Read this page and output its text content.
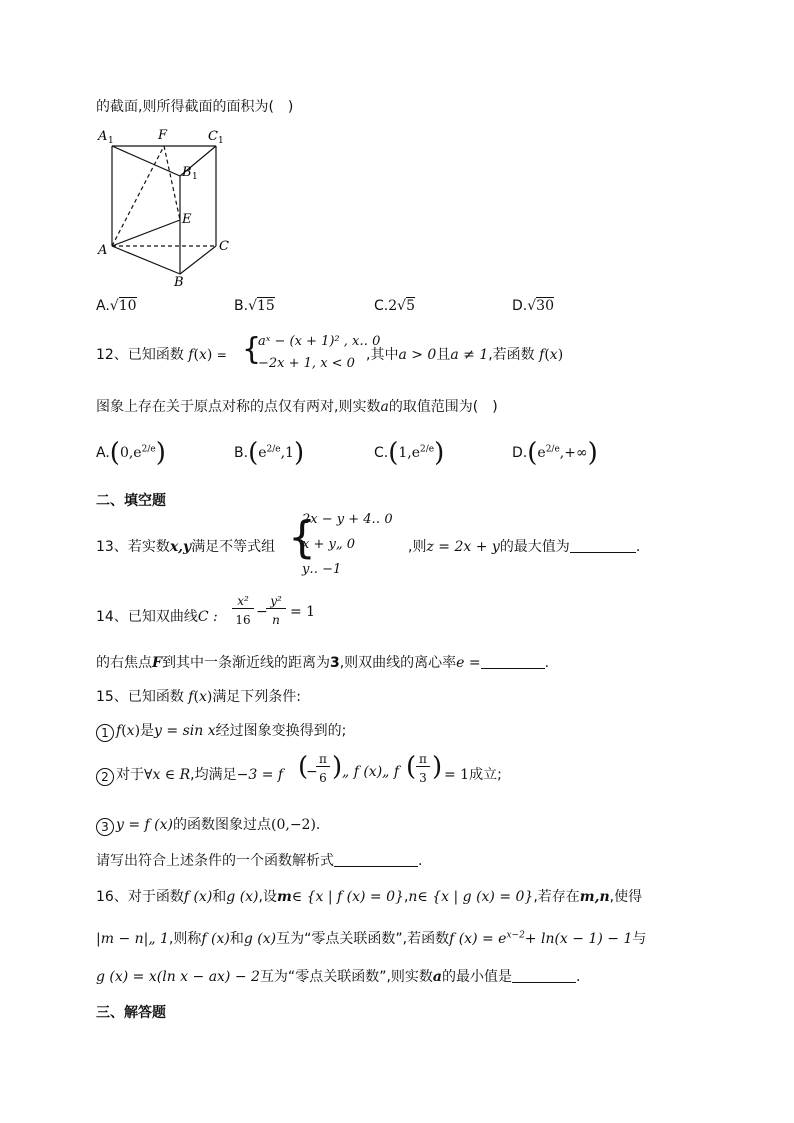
的截面,则所得截面的面积为( )
A 1	F	C 1
B 1
E
A	C
B
A.√10	B.√15	C.2√5	D.√30
12、已知函数 f(x) = {
aˣ − (x + 1)² , x‥ 0
−2x + 1, x < 0
,其中a > 0且a ≠ 1,若函数 f(x)
图象上存在关于原点对称的点仅有两对,则实数a的取值范围为( )
$A.(0,e^{2/e})$	$B.(e^{2/e},1)$	$C.(1,e^{2/e})$	$D.(e^{2/e},+\infty)$
二、填空题
13、若实数x,y满足不等式组 {
2x − y + 4‥ 0
x + y„ 0
y‥ −1
,则z = 2x + y的最大值为	.
14、已知双曲线C :
x²
16 −
y²
n = 1
的右焦点F到其中一条渐近线的距离为3,则双曲线的离心率e =	.
15、已知函数 f(x)满足下列条件:
1 f(x)是y = sin x经过图象变换得到的;
2 对于∀x ∈ R,均满足−3 = f (
−
π
6 ) „ f (x)„ f ( π
3 ) = 1成立;
3 y = f (x)的函数图象过点(0,−2).
请写出符合上述条件的一个函数解析式	.
16、对于函数f (x)和g (x),设m∈ {x | f (x) = 0},n∈ {x | g (x) = 0},若存在m,n,使得
|m − n|„ 1,则称f (x)和g (x)互为“零点关联函数”,若函数f $(x) = e^{x-2}+ \ln(x - 1) - 1$与
g (x) = x(ln x − ax) − 2互为“零点关联函数”,则实数a的最小值是	.
三、解答题
